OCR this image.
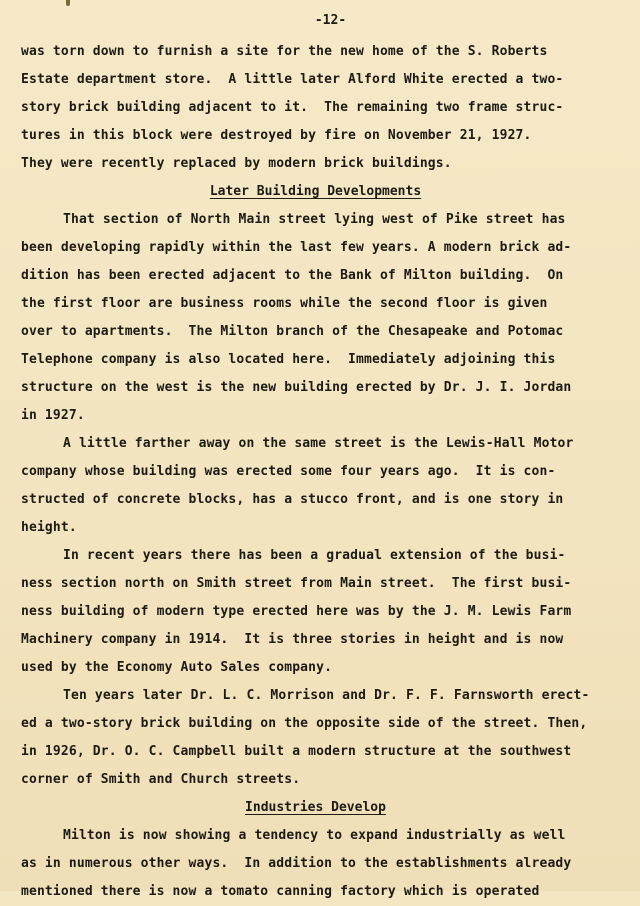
-12-
was torn down to furnish a site for the new home of the S. Roberts
Estate department store.  A little later Alford White erected a two-
story brick building adjacent to it.  The remaining two frame struc-
tures in this block were destroyed by fire on November 21, 1927.
They were recently replaced by modern brick buildings.
Later Building Developments
That section of North Main street lying west of Pike street has
been developing rapidly within the last few years. A modern brick ad-
dition has been erected adjacent to the Bank of Milton building.  On
the first floor are business rooms while the second floor is given
over to apartments.  The Milton branch of the Chesapeake and Potomac
Telephone company is also located here.  Immediately adjoining this
structure on the west is the new building erected by Dr. J. I. Jordan
in 1927.
A little farther away on the same street is the Lewis-Hall Motor
company whose building was erected some four years ago.  It is con-
structed of concrete blocks, has a stucco front, and is one story in
height.
In recent years there has been a gradual extension of the busi-
ness section north on Smith street from Main street.  The first busi-
ness building of modern type erected here was by the J. M. Lewis Farm
Machinery company in 1914.  It is three stories in height and is now
used by the Economy Auto Sales company.
Ten years later Dr. L. C. Morrison and Dr. F. F. Farnsworth erect-
ed a two-story brick building on the opposite side of the street. Then,
in 1926, Dr. O. C. Campbell built a modern structure at the southwest
corner of Smith and Church streets.
Industries Develop
Milton is now showing a tendency to expand industrially as well
as in numerous other ways.  In addition to the establishments already
mentioned there is now a tomato canning factory which is operated
